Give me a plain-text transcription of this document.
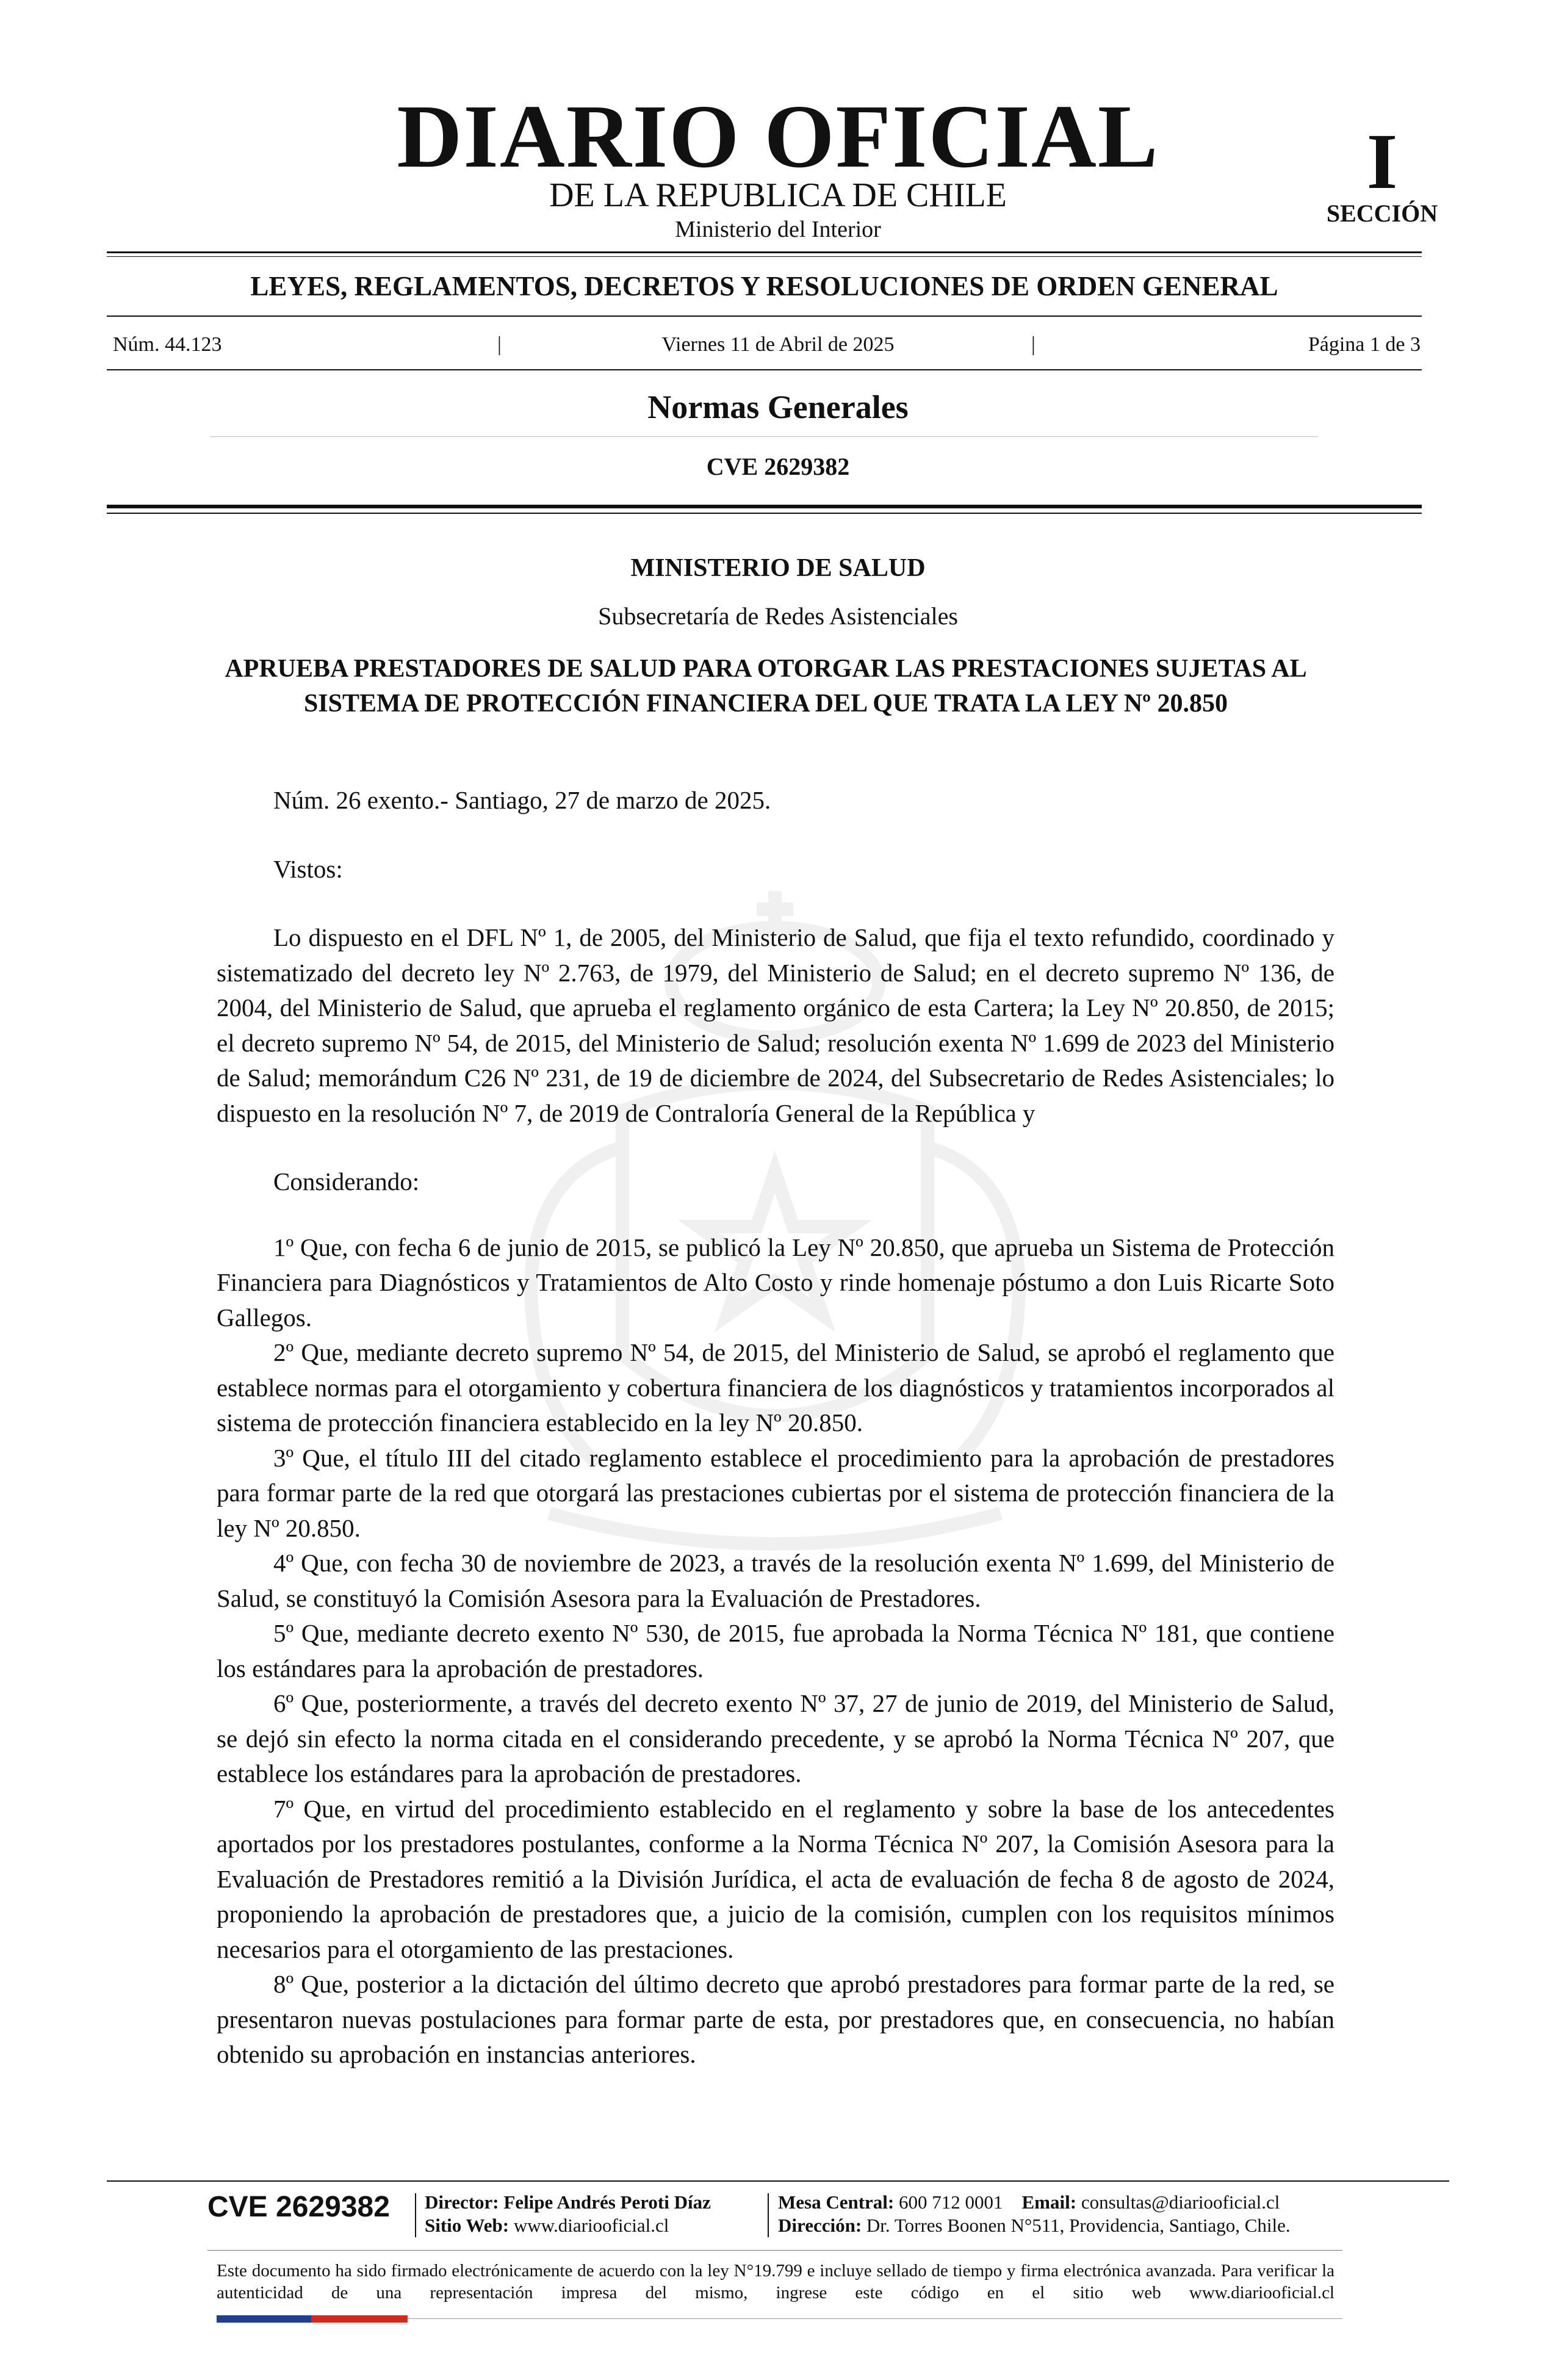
DIARIO OFICIAL
DE LA REPUBLICA DE CHILE
Ministerio del Interior
I
SECCIÓN
LEYES, REGLAMENTOS, DECRETOS Y RESOLUCIONES DE ORDEN GENERAL
Núm. 44.123	|	Viernes 11 de Abril de 2025	|	Página 1 de 3
Normas Generales
CVE 2629382
MINISTERIO DE SALUD
Subsecretaría de Redes Asistenciales
APRUEBA PRESTADORES DE SALUD PARA OTORGAR LAS PRESTACIONES SUJETAS AL SISTEMA DE PROTECCIÓN FINANCIERA DEL QUE TRATA LA LEY Nº 20.850

Núm. 26 exento.- Santiago, 27 de marzo de 2025.

Vistos:

Lo dispuesto en el DFL Nº 1, de 2005, del Ministerio de Salud, que fija el texto refundido, coordinado y sistematizado del decreto ley Nº 2.763, de 1979, del Ministerio de Salud; en el decreto supremo Nº 136, de 2004, del Ministerio de Salud, que aprueba el reglamento orgánico de esta Cartera; la Ley Nº 20.850, de 2015; el decreto supremo Nº 54, de 2015, del Ministerio de Salud; resolución exenta Nº 1.699 de 2023 del Ministerio de Salud; memorándum C26 Nº 231, de 19 de diciembre de 2024, del Subsecretario de Redes Asistenciales; lo dispuesto en la resolución Nº 7, de 2019 de Contraloría General de la República y

Considerando:

1º Que, con fecha 6 de junio de 2015, se publicó la Ley Nº 20.850, que aprueba un Sistema de Protección Financiera para Diagnósticos y Tratamientos de Alto Costo y rinde homenaje póstumo a don Luis Ricarte Soto Gallegos.

2º Que, mediante decreto supremo Nº 54, de 2015, del Ministerio de Salud, se aprobó el reglamento que establece normas para el otorgamiento y cobertura financiera de los diagnósticos y tratamientos incorporados al sistema de protección financiera establecido en la ley Nº 20.850.

3º Que, el título III del citado reglamento establece el procedimiento para la aprobación de prestadores para formar parte de la red que otorgará las prestaciones cubiertas por el sistema de protección financiera de la ley Nº 20.850.

4º Que, con fecha 30 de noviembre de 2023, a través de la resolución exenta Nº 1.699, del Ministerio de Salud, se constituyó la Comisión Asesora para la Evaluación de Prestadores.

5º Que, mediante decreto exento Nº 530, de 2015, fue aprobada la Norma Técnica Nº 181, que contiene los estándares para la aprobación de prestadores.

6º Que, posteriormente, a través del decreto exento Nº 37, 27 de junio de 2019, del Ministerio de Salud, se dejó sin efecto la norma citada en el considerando precedente, y se aprobó la Norma Técnica Nº 207, que establece los estándares para la aprobación de prestadores.

7º Que, en virtud del procedimiento establecido en el reglamento y sobre la base de los antecedentes aportados por los prestadores postulantes, conforme a la Norma Técnica Nº 207, la Comisión Asesora para la Evaluación de Prestadores remitió a la División Jurídica, el acta de evaluación de fecha 8 de agosto de 2024, proponiendo la aprobación de prestadores que, a juicio de la comisión, cumplen con los requisitos mínimos necesarios para el otorgamiento de las prestaciones.

8º Que, posterior a la dictación del último decreto que aprobó prestadores para formar parte de la red, se presentaron nuevas postulaciones para formar parte de esta, por prestadores que, en consecuencia, no habían obtenido su aprobación en instancias anteriores.

CVE 2629382 Director: Felipe Andrés Peroti Díaz
Sitio Web: www.diariooficial.cl
Mesa Central: 600 712 0001 Email: consultas@diariooficial.cl
Dirección: Dr. Torres Boonen N°511, Providencia, Santiago, Chile.
Este documento ha sido firmado electrónicamente de acuerdo con la ley N°19.799 e incluye sellado de tiempo y firma electrónica avanzada. Para verificar la autenticidad de una representación impresa del mismo, ingrese este código en el sitio web www.diariooficial.cl
